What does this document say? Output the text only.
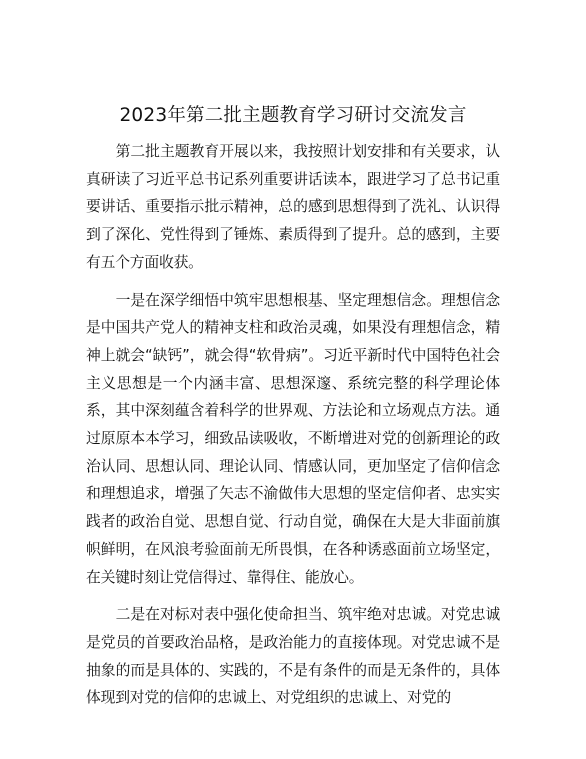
2023年第二批主题教育学习研讨交流发言

第二批主题教育开展以来，我按照计划安排和有关要求，认真研读了习近平总书记系列重要讲话读本，跟进学习了总书记重要讲话、重要指示批示精神，总的感到思想得到了洗礼、认识得到了深化、党性得到了锤炼、素质得到了提升。总的感到，主要有五个方面收获。

一是在深学细悟中筑牢思想根基、坚定理想信念。理想信念是中国共产党人的精神支柱和政治灵魂，如果没有理想信念，精神上就会“缺钙”，就会得“软骨病”。习近平新时代中国特色社会主义思想是一个内涵丰富、思想深邃、系统完整的科学理论体系，其中深刻蕴含着科学的世界观、方法论和立场观点方法。通过原原本本学习，细致品读吸收，不断增进对党的创新理论的政治认同、思想认同、理论认同、情感认同，更加坚定了信仰信念和理想追求，增强了矢志不渝做伟大思想的坚定信仰者、忠实实践者的政治自觉、思想自觉、行动自觉，确保在大是大非面前旗帜鲜明，在风浪考验面前无所畏惧，在各种诱惑面前立场坚定，在关键时刻让党信得过、靠得住、能放心。

二是在对标对表中强化使命担当、筑牢绝对忠诚。对党忠诚是党员的首要政治品格，是政治能力的直接体现。对党忠诚不是抽象的而是具体的、实践的，不是有条件的而是无条件的，具体体现到对党的信仰的忠诚上、对党组织的忠诚上、对党的
